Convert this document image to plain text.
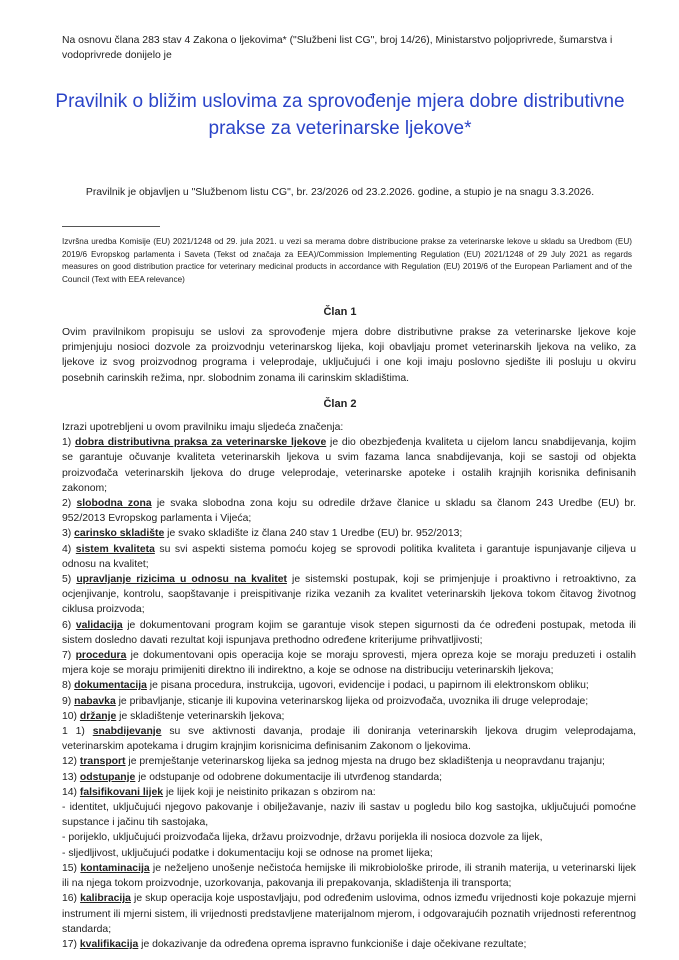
Na osnovu člana 283 stav 4 Zakona o ljekovima* ("Službeni list CG", broj 14/26), Ministarstvo poljoprivrede, šumarstva i vodoprivrede donijelo je
Pravilnik o bližim uslovima za sprovođenje mjera dobre distributivne prakse za veterinarske ljekove*
Pravilnik je objavljen u "Službenom listu CG", br. 23/2026 od 23.2.2026. godine, a stupio je na snagu 3.3.2026.
Izvršna uredba Komisije (EU) 2021/1248 od 29. jula 2021. u vezi sa merama dobre distribucione prakse za veterinarske lekove u skladu sa Uredbom (EU) 2019/6 Evropskog parlamenta i Saveta (Tekst od značaja za EEA)/Commission Implementing Regulation (EU) 2021/1248 of 29 July 2021 as regards measures on good distribution practice for veterinary medicinal products in accordance with Regulation (EU) 2019/6 of the European Parliament and of the Council (Text with EEA relevance)
Član 1
Ovim pravilnikom propisuju se uslovi za sprovođenje mjera dobre distributivne prakse za veterinarske ljekove koje primjenjuju nosioci dozvole za proizvodnju veterinarskog lijeka, koji obavljaju promet veterinarskih ljekova na veliko, za ljekove iz svog proizvodnog programa i veleprodaje, uključujući i one koji imaju poslovno sjedište ili posluju u okviru posebnih carinskih režima, npr. slobodnim zonama ili carinskim skladištima.
Član 2

Izrazi upotrebljeni u ovom pravilniku imaju sljedeća značenja:

1) dobra distributivna praksa za veterinarske ljekove je dio obezbjeđenja kvaliteta u cijelom lancu snabdijevanja, kojim se garantuje očuvanje kvaliteta veterinarskih ljekova u svim fazama lanca snabdijevanja, koji se sastoji od objekta proizvođača veterinarskih ljekova do druge veleprodaje, veterinarske apoteke i ostalih krajnjih korisnika definisanih zakonom;

2) slobodna zona je svaka slobodna zona koju su odredile države članice u skladu sa članom 243 Uredbe (EU) br. 952/2013 Evropskog parlamenta i Vijeća;

3) carinsko skladište je svako skladište iz člana 240 stav 1 Uredbe (EU) br. 952/2013;

4) sistem kvaliteta su svi aspekti sistema pomoću kojeg se sprovodi politika kvaliteta i garantuje ispunjavanje ciljeva u odnosu na kvalitet;

5) upravljanje rizicima u odnosu na kvalitet je sistemski postupak, koji se primjenjuje i proaktivno i retroaktivno, za ocjenjivanje, kontrolu, saopštavanje i preispitivanje rizika vezanih za kvalitet veterinarskih ljekova tokom čitavog životnog ciklusa proizvoda;

6) validacija je dokumentovani program kojim se garantuje visok stepen sigurnosti da će određeni postupak, metoda ili sistem dosledno davati rezultat koji ispunjava prethodno određene kriterijume prihvatljivosti;

7) procedura je dokumentovani opis operacija koje se moraju sprovesti, mjera opreza koje se moraju preduzeti i ostalih mjera koje se moraju primijeniti direktno ili indirektno, a koje se odnose na distribuciju veterinarskih ljekova;

8) dokumentacija je pisana procedura, instrukcija, ugovori, evidencije i podaci, u papirnom ili elektronskom obliku;

9) nabavka je pribavljanje, sticanje ili kupovina veterinarskog lijeka od proizvođača, uvoznika ili druge veleprodaje;

10) držanje je skladištenje veterinarskih ljekova;

1 1) snabdijevanje su sve aktivnosti davanja, prodaje ili doniranja veterinarskih ljekova drugim veleprodajama, veterinarskim apotekama i drugim krajnjim korisnicima definisanim Zakonom o ljekovima.

12) transport je premještanje veterinarskog lijeka sa jednog mjesta na drugo bez skladištenja u neopravdanu trajanju;

13) odstupanje je odstupanje od odobrene dokumentacije ili utvrđenog standarda;

14) falsifikovani lijek je lijek koji je neistinito prikazan s obzirom na:

- identitet, uključujući njegovo pakovanje i obilježavanje, naziv ili sastav u pogledu bilo kog sastojka, uključujući pomoćne supstance i jačinu tih sastojaka,

- porijeklo, uključujući proizvođača lijeka, državu proizvodnje, državu porijekla ili nosioca dozvole za lijek,

- sljedljivost, uključujući podatke i dokumentaciju koji se odnose na promet lijeka;

15) kontaminacija je neželjeno unošenje nečistoća hemijske ili mikrobiološke prirode, ili stranih materija, u veterinarski lijek ili na njega tokom proizvodnje, uzorkovanja, pakovanja ili prepakovanja, skladištenja ili transporta;

16) kalibracija je skup operacija koje uspostavljaju, pod određenim uslovima, odnos između vrijednosti koje pokazuje mjerni instrument ili mjerni sistem, ili vrijednosti predstavljene materijalnom mjerom, i odgovarajućih poznatih vrijednosti referentnog standarda;

17) kvalifikacija je dokazivanje da određena oprema ispravno funkcioniše i daje očekivane rezultate;
